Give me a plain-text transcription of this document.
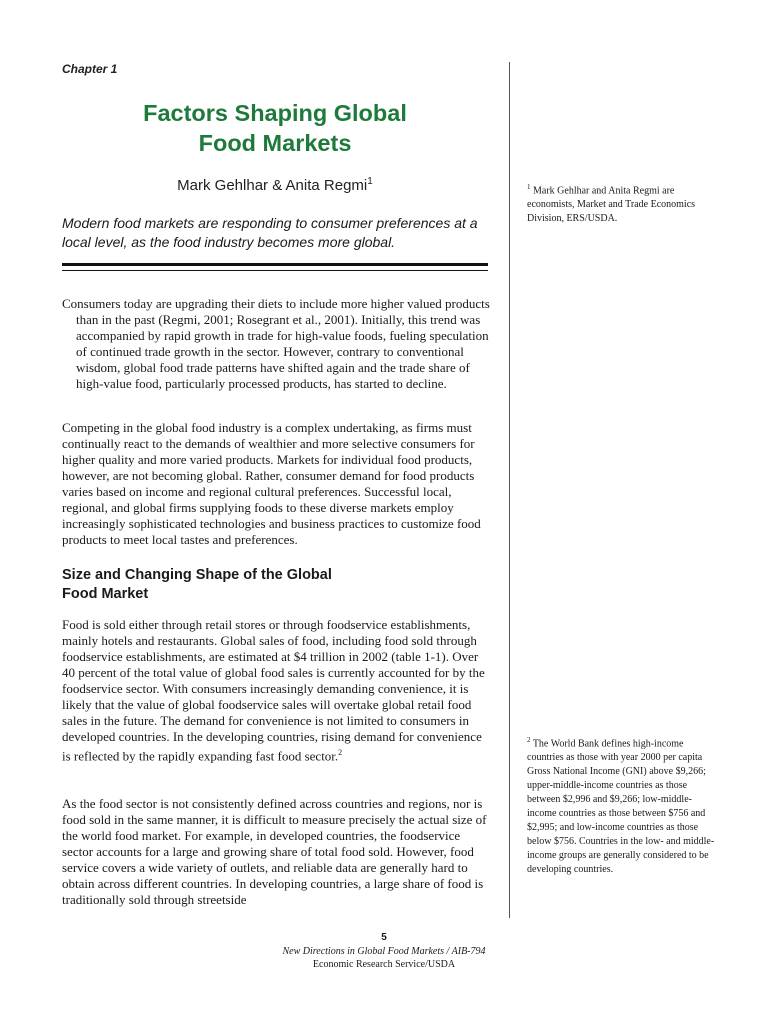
Chapter 1
Factors Shaping Global
Food Markets
Mark Gehlhar & Anita Regmi$^1$
Modern food markets are responding to consumer preferences at a local level, as the food industry becomes more global.

Consumers today are upgrading their diets to include more higher valued products than in the past (Regmi, 2001; Rosegrant et al., 2001). Initially, this trend was accompanied by rapid growth in trade for high-value foods, fueling speculation of continued trade growth in the sector. However, contrary to conventional wisdom, global food trade patterns have shifted again and the trade share of high-value food, particularly processed products, has started to decline.

Competing in the global food industry is a complex undertaking, as firms must continually react to the demands of wealthier and more selective consumers for higher quality and more varied products. Markets for individual food products, however, are not becoming global. Rather, consumer demand for food products varies based on income and regional cultural preferences. Successful local, regional, and global firms supplying foods to these diverse markets employ increasingly sophisticated technologies and business practices to customize food products to meet local tastes and preferences.

Size and Changing Shape of the Global
Food Market

Food is sold either through retail stores or through foodservice establishments, mainly hotels and restaurants. Global sales of food, including food sold through foodservice establishments, are estimated at $4 trillion in 2002 (table 1-1). Over 40 percent of the total value of global food sales is currently accounted for by the foodservice sector. With consumers increasingly demanding convenience, it is likely that the value of global foodservice sales will overtake global retail food sales in the future. The demand for convenience is not limited to consumers in developed countries. In the developing countries, rising demand for convenience is reflected by the rapidly expanding fast food sector.$^2$

As the food sector is not consistently defined across countries and regions, nor is food sold in the same manner, it is difficult to measure precisely the actual size of the world food market. For example, in developed countries, the foodservice sector accounts for a large and growing share of total food sold. However, food service covers a wide variety of outlets, and reliable data are generally hard to obtain across different countries. In developing countries, a large share of food is traditionally sold through streetside

$^1$ Mark Gehlhar and Anita Regmi are economists, Market and Trade Economics Division, ERS/USDA.
$^2$ The World Bank defines high-income countries as those with year 2000 per capita Gross National Income (GNI) above $9,266; upper-middle-income countries as those between $2,996 and $9,266; low-middle-income countries as those between $756 and $2,995; and low-income countries as those below $756. Countries in the low- and middle-income groups are generally considered to be developing countries.
5
New Directions in Global Food Markets / AIB-794
Economic Research Service/USDA
